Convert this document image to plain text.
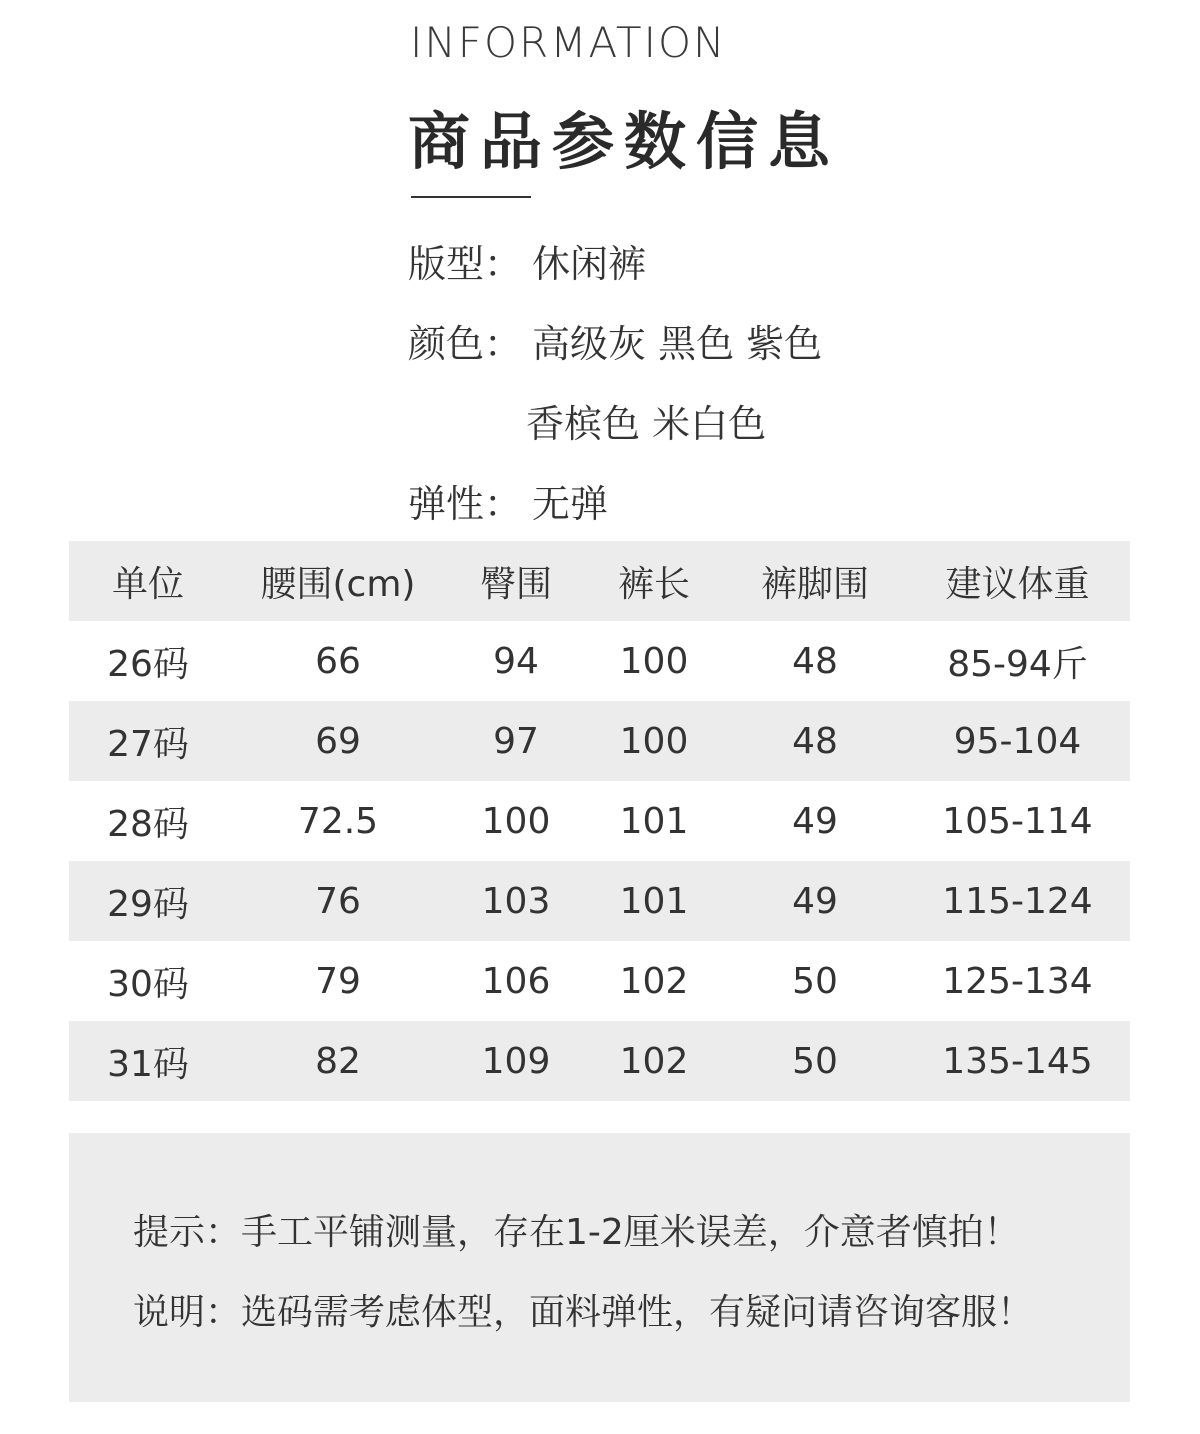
INFORMATION
商品参数信息
版型： 休闲裤
颜色： 高级灰 黑色 紫色
香槟色 米白色
弹性： 无弹
单位	腰围(cm)	臀围	裤长	裤脚围	建议体重
26码	66	94	100	48	85-94斤
27码	69	97	100	48	95-104
28码	72.5	100	101	49	105-114
29码	76	103	101	49	115-124
30码	79	106	102	50	125-134
31码	82	109	102	50	135-145
提示：手工平铺测量，存在1-2厘米误差，介意者慎拍！
说明：选码需考虑体型，面料弹性，有疑问请咨询客服！
